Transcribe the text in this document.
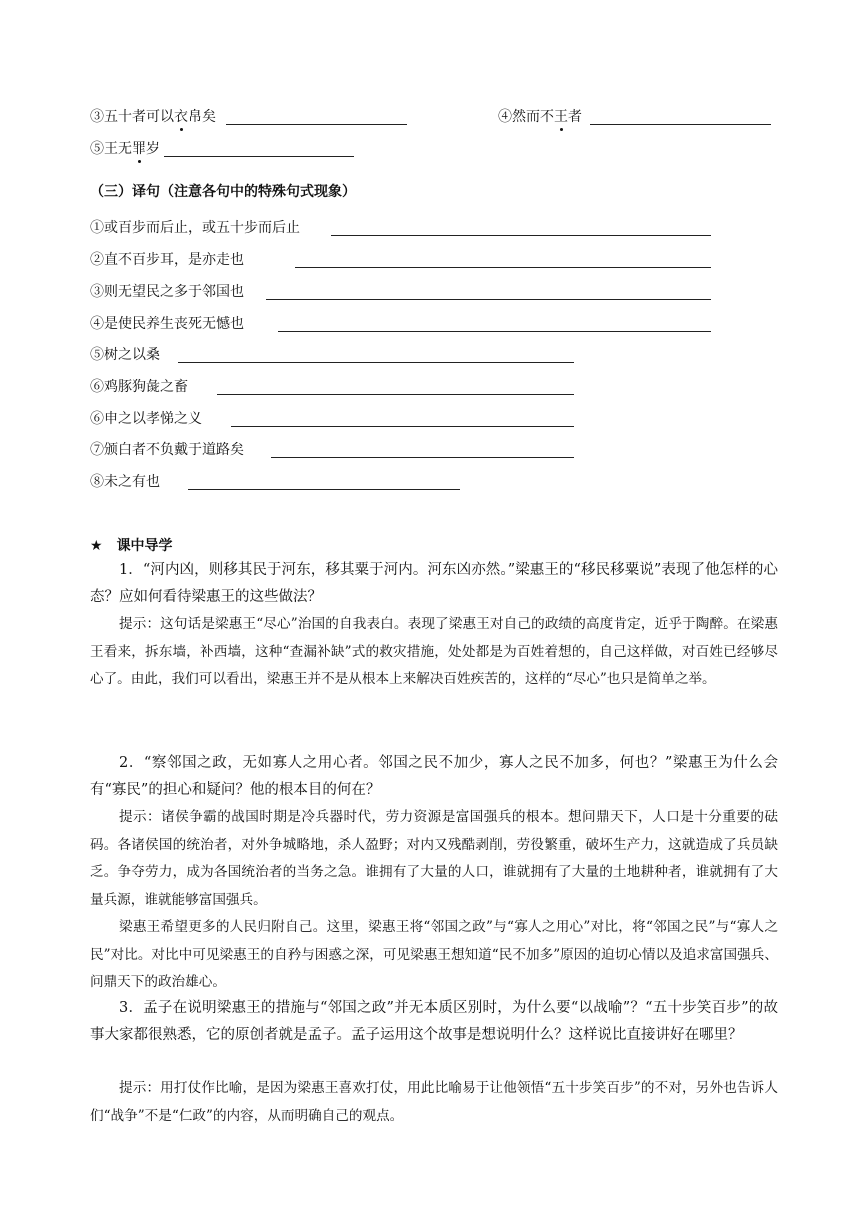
③五十者可以衣帛矣	④然而不王者
⑤王无罪岁
（三）译句（注意各句中的特殊句式现象）
①或百步而后止，或五十步而后止
②直不百步耳，是亦走也
③则无望民之多于邻国也
④是使民养生丧死无憾也
⑤树之以桑
⑥鸡豚狗彘之畜
⑥申之以孝悌之义
⑦颁白者不负戴于道路矣
⑧未之有也
★ 课中导学
1．“河内凶，则移其民于河东，移其粟于河内。河东凶亦然。”梁惠王的“移民移粟说”表现了他怎样的心态？应如何看待梁惠王的这些做法？
提示：这句话是梁惠王“尽心”治国的自我表白。表现了梁惠王对自己的政绩的高度肯定，近乎于陶醉。在梁惠王看来，拆东墙，补西墙，这种“查漏补缺”式的救灾措施，处处都是为百姓着想的，自己这样做，对百姓已经够尽心了。由此，我们可以看出，梁惠王并不是从根本上来解决百姓疾苦的，这样的“尽心”也只是简单之举。
2．“察邻国之政，无如寡人之用心者。邻国之民不加少，寡人之民不加多，何也？”梁惠王为什么会有“寡民”的担心和疑问？他的根本目的何在？
提示：诸侯争霸的战国时期是冷兵器时代，劳力资源是富国强兵的根本。想问鼎天下，人口是十分重要的砝码。各诸侯国的统治者，对外争城略地，杀人盈野；对内又残酷剥削，劳役繁重，破坏生产力，这就造成了兵员缺乏。争夺劳力，成为各国统治者的当务之急。谁拥有了大量的人口，谁就拥有了大量的土地耕种者，谁就拥有了大量兵源，谁就能够富国强兵。
梁惠王希望更多的人民归附自己。这里，梁惠王将“邻国之政”与“寡人之用心”对比，将“邻国之民”与“寡人之民”对比。对比中可见梁惠王的自矜与困惑之深，可见梁惠王想知道“民不加多”原因的迫切心情以及追求富国强兵、问鼎天下的政治雄心。
3．孟子在说明梁惠王的措施与“邻国之政”并无本质区别时，为什么要“以战喻”？“五十步笑百步”的故事大家都很熟悉，它的原创者就是孟子。孟子运用这个故事是想说明什么？这样说比直接讲好在哪里？
提示：用打仗作比喻，是因为梁惠王喜欢打仗，用此比喻易于让他领悟“五十步笑百步”的不对，另外也告诉人们“战争”不是“仁政”的内容，从而明确自己的观点。
